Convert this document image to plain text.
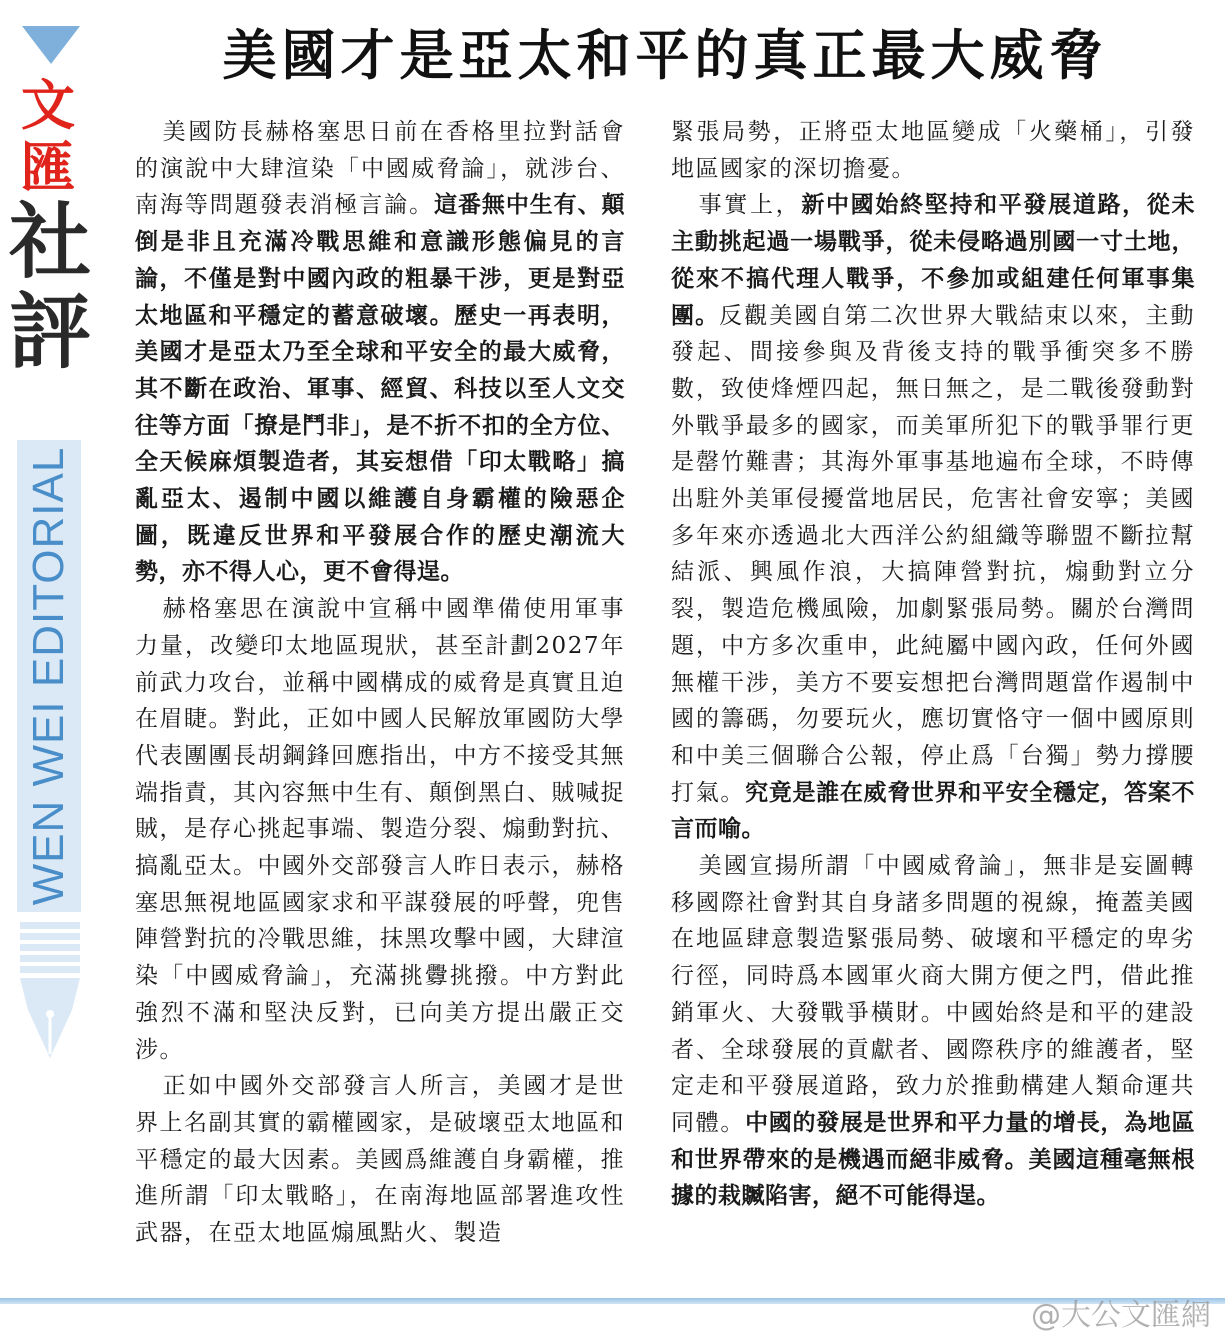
文
匯
社
評
WEN WEI EDITORIAL
美國才是亞太和平的真正最大威脅

美國防長赫格塞思日前在香格里拉對話會的演說中大肆渲染「中國威脅論」，就涉台、南海等問題發表消極言論。這番無中生有、顛倒是非且充滿冷戰思維和意識形態偏見的言論，不僅是對中國內政的粗暴干涉，更是對亞太地區和平穩定的蓄意破壞。歷史一再表明，美國才是亞太乃至全球和平安全的最大威脅，其不斷在政治、軍事、經貿、科技以至人文交往等方面「撩是鬥非」，是不折不扣的全方位、全天候麻煩製造者，其妄想借「印太戰略」搞亂亞太、遏制中國以維護自身霸權的險惡企圖，既違反世界和平發展合作的歷史潮流大勢，亦不得人心，更不會得逞。

赫格塞思在演說中宣稱中國準備使用軍事力量，改變印太地區現狀，甚至計劃2027年前武力攻台，並稱中國構成的威脅是真實且迫在眉睫。對此，正如中國人民解放軍國防大學代表團團長胡鋼鋒回應指出，中方不接受其無端指責，其內容無中生有、顛倒黑白、賊喊捉賊，是存心挑起事端、製造分裂、煽動對抗、搞亂亞太。中國外交部發言人昨日表示，赫格塞思無視地區國家求和平謀發展的呼聲，兜售陣營對抗的冷戰思維，抹黑攻擊中國，大肆渲染「中國威脅論」，充滿挑釁挑撥。中方對此強烈不滿和堅決反對，已向美方提出嚴正交涉。

正如中國外交部發言人所言，美國才是世界上名副其實的霸權國家，是破壞亞太地區和平穩定的最大因素。美國爲維護自身霸權，推進所謂「印太戰略」，在南海地區部署進攻性武器，在亞太地區煽風點火、製造

緊張局勢，正將亞太地區變成「火藥桶」，引發地區國家的深切擔憂。

事實上，新中國始終堅持和平發展道路，從未主動挑起過一場戰爭，從未侵略過別國一寸土地，從來不搞代理人戰爭，不參加或組建任何軍事集團。反觀美國自第二次世界大戰結束以來，主動發起、間接參與及背後支持的戰爭衝突多不勝數，致使烽煙四起，無日無之，是二戰後發動對外戰爭最多的國家，而美軍所犯下的戰爭罪行更是罄竹難書；其海外軍事基地遍布全球，不時傳出駐外美軍侵擾當地居民，危害社會安寧；美國多年來亦透過北大西洋公約組織等聯盟不斷拉幫結派、興風作浪，大搞陣營對抗，煽動對立分裂，製造危機風險，加劇緊張局勢。關於台灣問題，中方多次重申，此純屬中國內政，任何外國無權干涉，美方不要妄想把台灣問題當作遏制中國的籌碼，勿要玩火，應切實恪守一個中國原則和中美三個聯合公報，停止爲「台獨」勢力撐腰打氣。究竟是誰在威脅世界和平安全穩定，答案不言而喻。

美國宣揚所謂「中國威脅論」，無非是妄圖轉移國際社會對其自身諸多問題的視線，掩蓋美國在地區肆意製造緊張局勢、破壞和平穩定的卑劣行徑，同時爲本國軍火商大開方便之門，借此推銷軍火、大發戰爭橫財。中國始終是和平的建設者、全球發展的貢獻者、國際秩序的維護者，堅定走和平發展道路，致力於推動構建人類命運共同體。中國的發展是世界和平力量的增長，為地區和世界帶來的是機遇而絕非威脅。美國這種毫無根據的栽贓陷害，絕不可能得逞。

@大公文匯網
